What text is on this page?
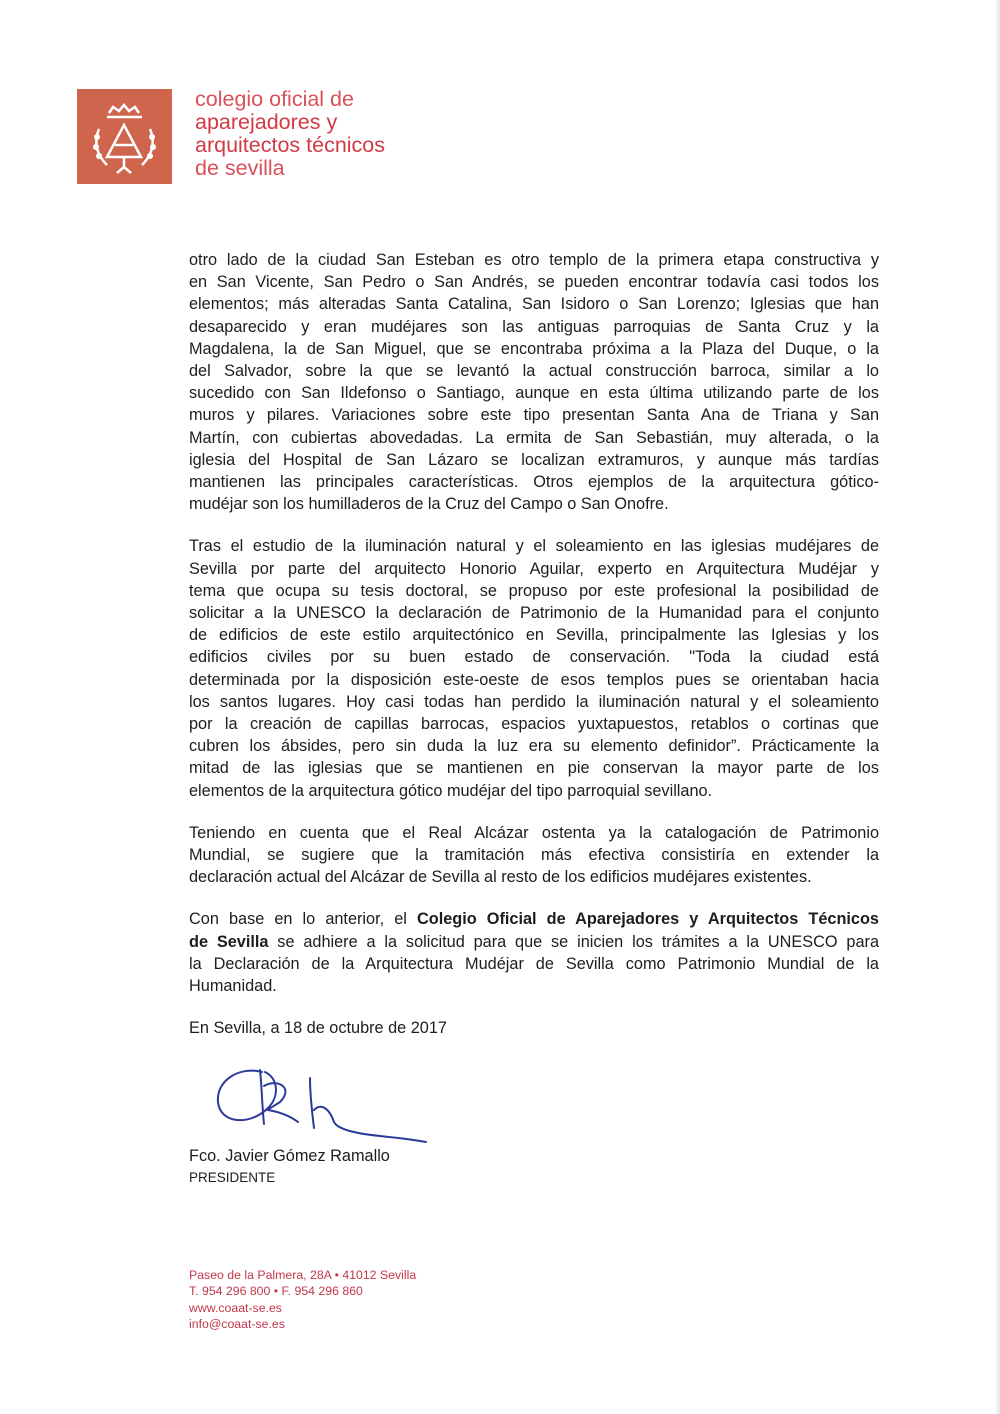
colegio oficial de
aparejadores y
arquitectos técnicos
de sevilla
otro lado de la ciudad San Esteban es otro templo de la primera etapa constructiva y
en San Vicente, San Pedro o San Andrés, se pueden encontrar todavía casi todos los
elementos; más alteradas Santa Catalina, San Isidoro o San Lorenzo; Iglesias que han
desaparecido y eran mudéjares son las antiguas parroquias de Santa Cruz y la
Magdalena, la de San Miguel, que se encontraba próxima a la Plaza del Duque, o la
del Salvador, sobre la que se levantó la actual construcción barroca, similar a lo
sucedido con San Ildefonso o Santiago, aunque en esta última utilizando parte de los
muros y pilares. Variaciones sobre este tipo presentan Santa Ana de Triana y San
Martín, con cubiertas abovedadas. La ermita de San Sebastián, muy alterada, o la
iglesia del Hospital de San Lázaro se localizan extramuros, y aunque más tardías
mantienen las principales características. Otros ejemplos de la arquitectura gótico-
mudéjar son los humilladeros de la Cruz del Campo o San Onofre.
Tras el estudio de la iluminación natural y el soleamiento en las iglesias mudéjares de
Sevilla por parte del arquitecto Honorio Aguilar, experto en Arquitectura Mudéjar y
tema que ocupa su tesis doctoral, se propuso por este profesional la posibilidad de
solicitar a la UNESCO la declaración de Patrimonio de la Humanidad para el conjunto
de edificios de este estilo arquitectónico en Sevilla, principalmente las Iglesias y los
edificios civiles por su buen estado de conservación. "Toda la ciudad está
determinada por la disposición este-oeste de esos templos pues se orientaban hacia
los santos lugares. Hoy casi todas han perdido la iluminación natural y el soleamiento
por la creación de capillas barrocas, espacios yuxtapuestos, retablos o cortinas que
cubren los ábsides, pero sin duda la luz era su elemento definidor”. Prácticamente la
mitad de las iglesias que se mantienen en pie conservan la mayor parte de los
elementos de la arquitectura gótico mudéjar del tipo parroquial sevillano.
Teniendo en cuenta que el Real Alcázar ostenta ya la catalogación de Patrimonio
Mundial, se sugiere que la tramitación más efectiva consistiría en extender la
declaración actual del Alcázar de Sevilla al resto de los edificios mudéjares existentes.
Con base en lo anterior, el Colegio Oficial de Aparejadores y Arquitectos Técnicos
de Sevilla se adhiere a la solicitud para que se inicien los trámites a la UNESCO para
la Declaración de la Arquitectura Mudéjar de Sevilla como Patrimonio Mundial de la
Humanidad.
En Sevilla, a 18 de octubre de 2017
Fco. Javier Gómez Ramallo
PRESIDENTE
Paseo de la Palmera, 28A • 41012 Sevilla
T. 954 296 800 • F. 954 296 860
www.coaat-se.es
info@coaat-se.es
